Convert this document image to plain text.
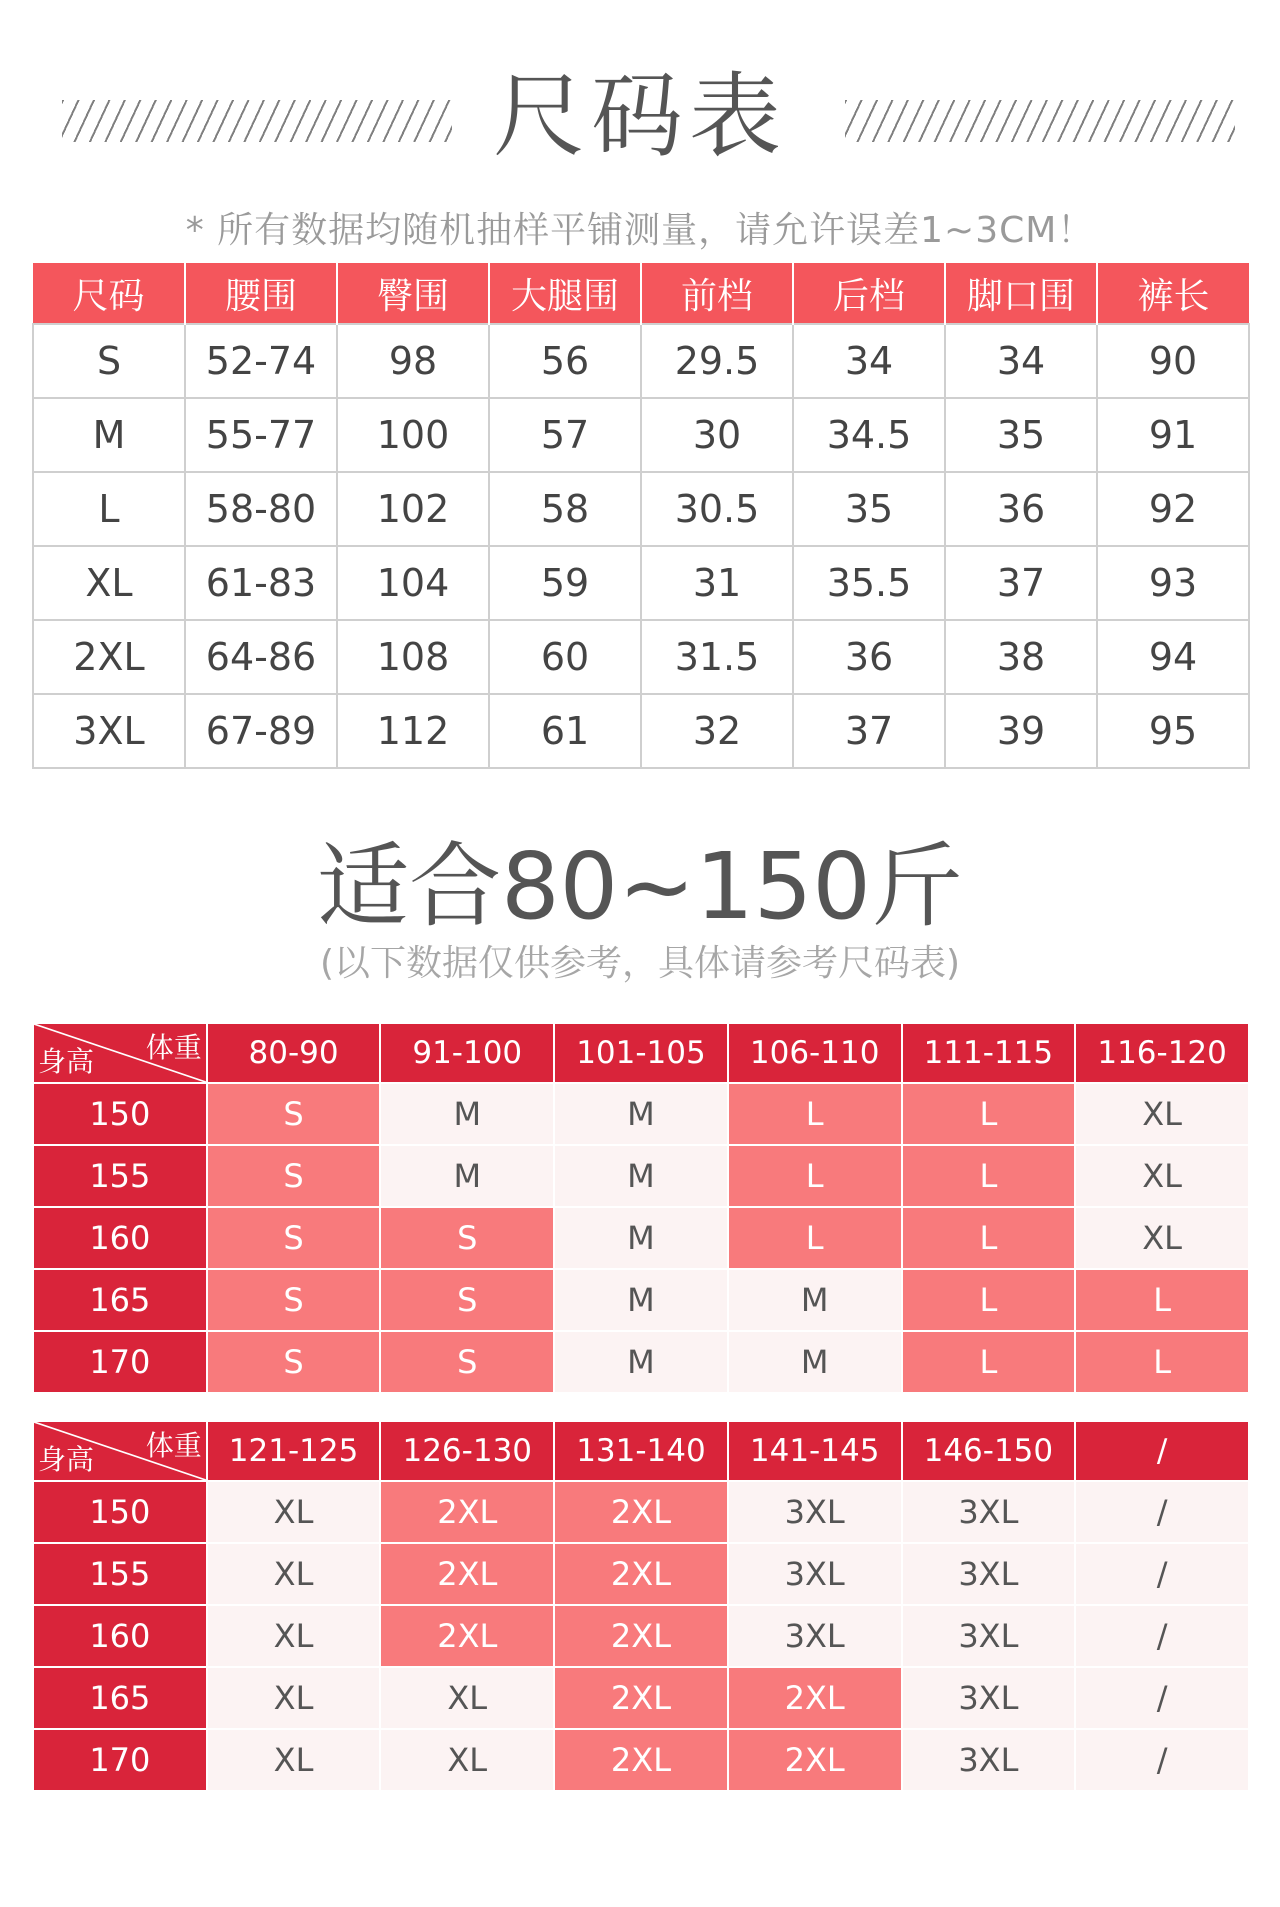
尺码表
* 所有数据均随机抽样平铺测量，请允许误差1~3CM！
尺码	腰围	臀围	大腿围	前档	后档	脚口围	裤长
S	52-74	98	56	29.5	34	34	90
M	55-77	100	57	30	34.5	35	91
L	58-80	102	58	30.5	35	36	92
XL	61-83	104	59	31	35.5	37	93
2XL	64-86	108	60	31.5	36	38	94
3XL	67-89	112	61	32	37	39	95
适合80~150斤
(以下数据仅供参考，具体请参考尺码表)
体重
身高	80-90	91-100	101-105	106-110	111-115	116-120
150	S	M	M	L	L	XL
155	S	M	M	L	L	XL
160	S	S	M	L	L	XL
165	S	S	M	M	L	L
170	S	S	M	M	L	L
体重
身高	121-125	126-130	131-140	141-145	146-150	/
150	XL	2XL	2XL	3XL	3XL	/
155	XL	2XL	2XL	3XL	3XL	/
160	XL	2XL	2XL	3XL	3XL	/
165	XL	XL	2XL	2XL	3XL	/
170	XL	XL	2XL	2XL	3XL	/
